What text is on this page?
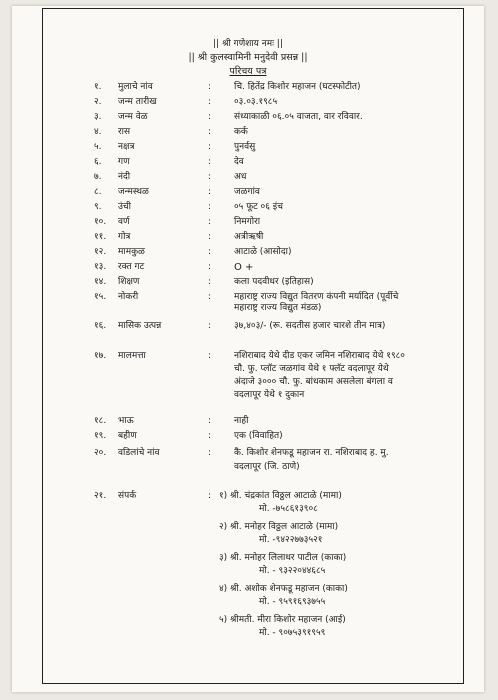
|| श्री गणेशाय नमः ||
|| श्री कुलस्वामिनी मनुदेवी प्रसन्न ||
परिचय पत्र
१.	मुलाचे नांव	:	चि. हितेंद्र किशोर महाजन (घटस्फोटीत)
२.	जन्म तारीख	:	०३.०३.१९८५
३.	जन्म वेळ	:	संध्याकाळी ०६.०५ वाजता, वार रविवार.
४.	रास	:	कर्क
५.	नक्षत्र	:	पुनर्वसु
६.	गण	:	देव
७.	नंदी	:	अध
८.	जन्मस्थळ	:	जळगांव
९.	उंची	:	०५ फूट ०६ इंच
१०.	वर्ण	:	निमगोरा
११.	गोत्र	:	अत्रीऋषी
१२.	मामकुळ	:	आटाळे (आसोदा)
१३.	रक्त गट	: O +
१४.	शिक्षण	:	कला पदवीधर (इतिहास)
१५.	नोकरी	:	महाराष्ट्र राज्य विद्युत वितरण कंपनी मर्यादित (पूर्वीचे महाराष्ट्र राज्य विद्युत मंडळ)
१६.	मासिक उत्पन्न	:	३७,४०३/- (रू. सदतीस हजार चारशे तीन मात्र)
१७.	मालमत्ता	:	नशिराबाद येथे दीड एकर जमिन नशिराबाद येथे १९८० चौ. फु. प्लॉट जळगांव येथे १ फ्लॅट वदलापूर येथे अंदाजे ३००० चौ. फु. बांधकाम असलेला बंगला व वदलापूर येथे १ दुकान
१८.	भाऊ	:	नाही
१९.	बहीण	:	एक (विवाहित)
२०.	वडिलांचे नांव	:	कै. किशोर शेनफडू महाजन रा. नशिराबाद ह. मु. वदलापूर (जि. ठाणे)
२१.	संपर्क	: १) श्री. चंद्रकांत विठ्ठल आटाळे (मामा)
मो. -७५८६१३९०८
२) श्री. मनोहर विठ्ठल आटाळे (मामा)
मो. -९४२२७७३५२१
३) श्री. मनोहर लिलाधर पाटील (काका)
मो. - ९३२२०४४६८५
४) श्री. अशोक शेनफडू महाजन (काका)
मो. - ९५९१६९३७५५
५) श्रीमती. मीरा किशोर महाजन (आई)
मो. - ९०७५३९१९५९
